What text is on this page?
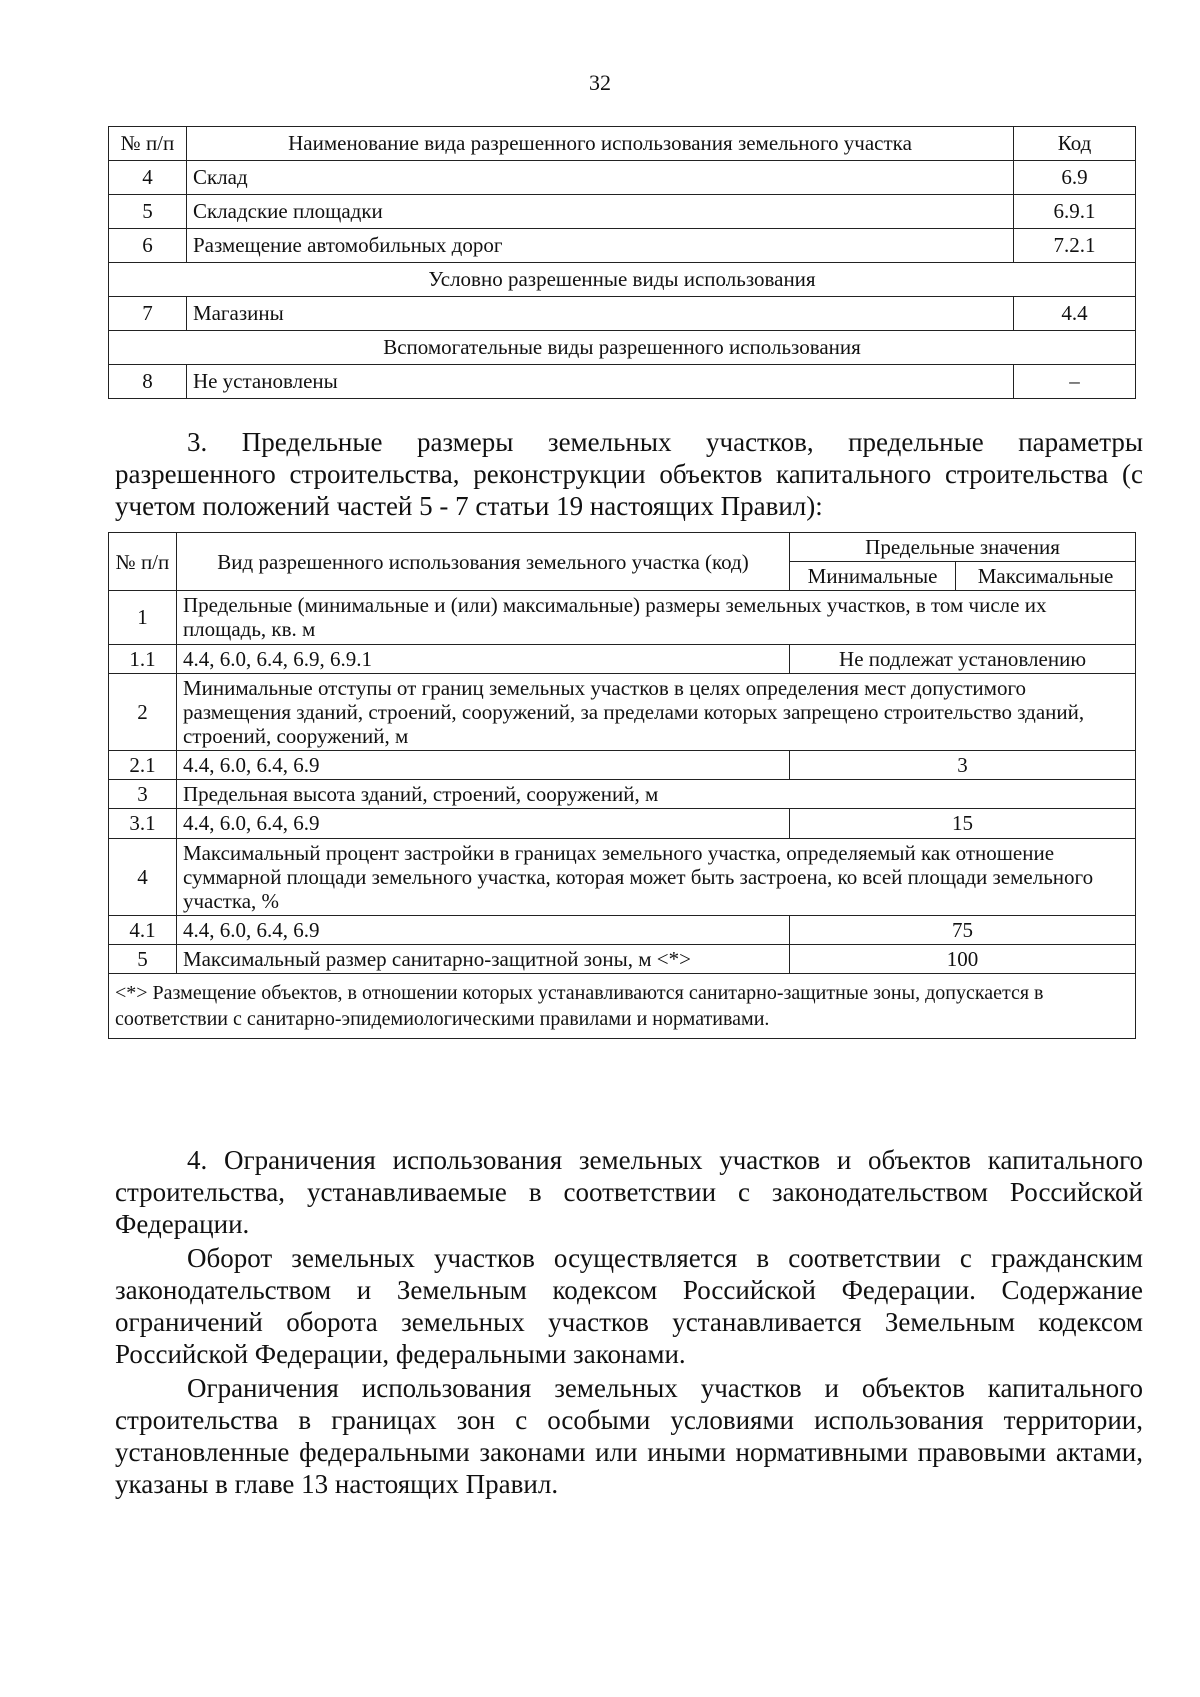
32
№ п/п	Наименование вида разрешенного использования земельного участка	Код
4	Склад	6.9
5	Складские площадки	6.9.1
6	Размещение автомобильных дорог	7.2.1
Условно разрешенные виды использования		
7	Магазины	4.4
Вспомогательные виды разрешенного использования		
8	Не установлены	–

3. Предельные размеры земельных участков, предельные параметры разрешенного строительства, реконструкции объектов капитального строительства (с учетом положений частей 5 - 7 статьи 19 настоящих Правил):

№ п/п	Вид разрешенного использования земельного участка (код)	Предельные значения	
		Минимальные	Максимальные
1	Предельные (минимальные и (или) максимальные) размеры земельных участков, в том числе их площадь, кв. м		
1.1	4.4, 6.0, 6.4, 6.9, 6.9.1	Не подлежат установлению	
2	Минимальные отступы от границ земельных участков в целях определения мест допустимого размещения зданий, строений, сооружений, за пределами которых запрещено строительство зданий, строений, сооружений, м		
2.1	4.4, 6.0, 6.4, 6.9	3	
3	Предельная высота зданий, строений, сооружений, м		
3.1	4.4, 6.0, 6.4, 6.9	15	
4	Максимальный процент застройки в границах земельного участка, определяемый как отношение суммарной площади земельного участка, которая может быть застроена, ко всей площади земельного участка, %		
4.1	4.4, 6.0, 6.4, 6.9	75	
5	Максимальный размер санитарно-защитной зоны, м <*>	100	
<*> Размещение объектов, в отношении которых устанавливаются санитарно-защитные зоны, допускается в соответствии с санитарно-эпидемиологическими правилами и нормативами.			

4. Ограничения использования земельных участков и объектов капитального строительства, устанавливаемые в соответствии с законодательством Российской Федерации.

Оборот земельных участков осуществляется в соответствии с гражданским законодательством и Земельным кодексом Российской Федерации. Содержание ограничений оборота земельных участков устанавливается Земельным кодексом Российской Федерации, федеральными законами.

Ограничения использования земельных участков и объектов капитального строительства в границах зон с особыми условиями использования территории, установленные федеральными законами или иными нормативными правовыми актами, указаны в главе 13 настоящих Правил.
